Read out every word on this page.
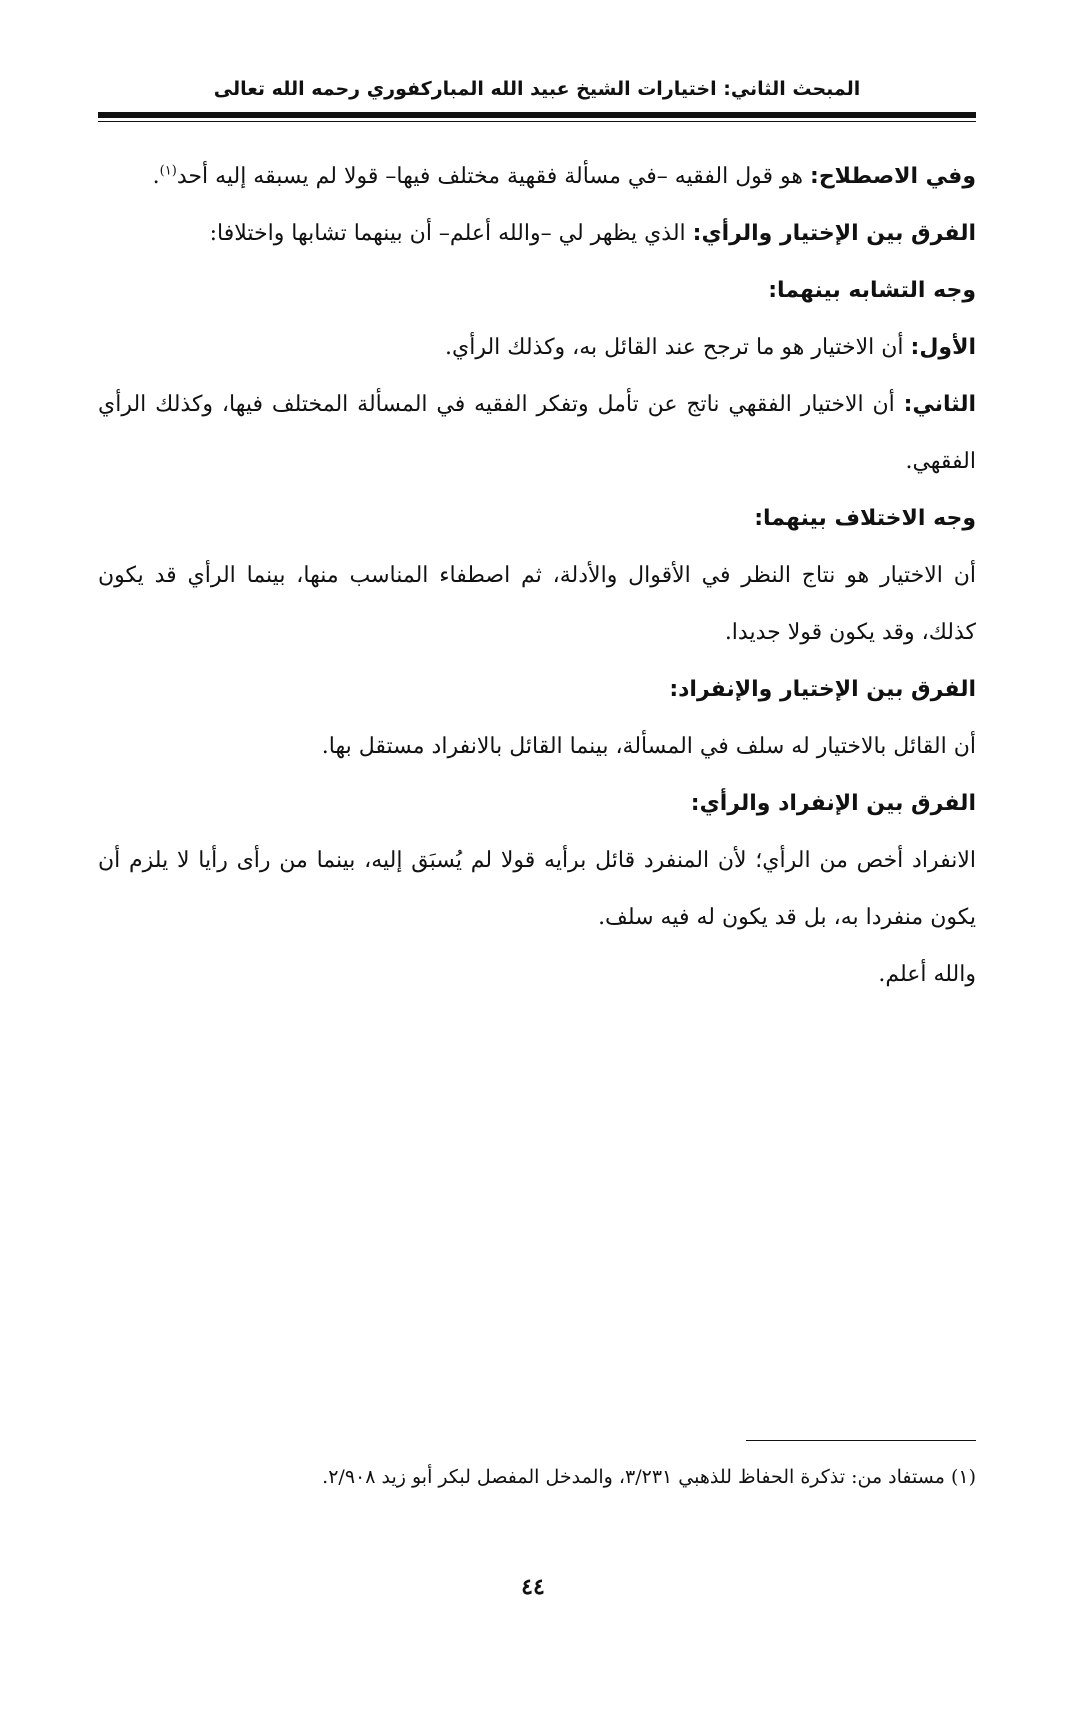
المبحث الثاني: اختيارات الشيخ عبيد الله المباركفوري رحمه الله تعالى

وفي الاصطلاح: هو قول الفقيه –في مسألة فقهية مختلف فيها– قولا لم يسبقه إليه أحد$^{(١)}$.

الفرق بين الإختيار والرأي: الذي يظهر لي –والله أعلم– أن بينهما تشابها واختلافا:

وجه التشابه بينهما:

الأول: أن الاختيار هو ما ترجح عند القائل به، وكذلك الرأي.

الثاني: أن الاختيار الفقهي ناتج عن تأمل وتفكر الفقيه في المسألة المختلف فيها، وكذلك الرأي الفقهي.

وجه الاختلاف بينهما:

أن الاختيار هو نتاج النظر في الأقوال والأدلة، ثم اصطفاء المناسب منها، بينما الرأي قد يكون كذلك، وقد يكون قولا جديدا.

الفرق بين الإختيار والإنفراد:

أن القائل بالاختيار له سلف في المسألة، بينما القائل بالانفراد مستقل بها.

الفرق بين الإنفراد والرأي:

الانفراد أخص من الرأي؛ لأن المنفرد قائل برأيه قولا لم يُسبَق إليه، بينما من رأى رأيا لا يلزم أن يكون منفردا به، بل قد يكون له فيه سلف.

والله أعلم.

(١) مستفاد من: تذكرة الحفاظ للذهبي ٣/٢٣١، والمدخل المفصل لبكر أبو زيد ٢/٩٠٨.
٤٤
